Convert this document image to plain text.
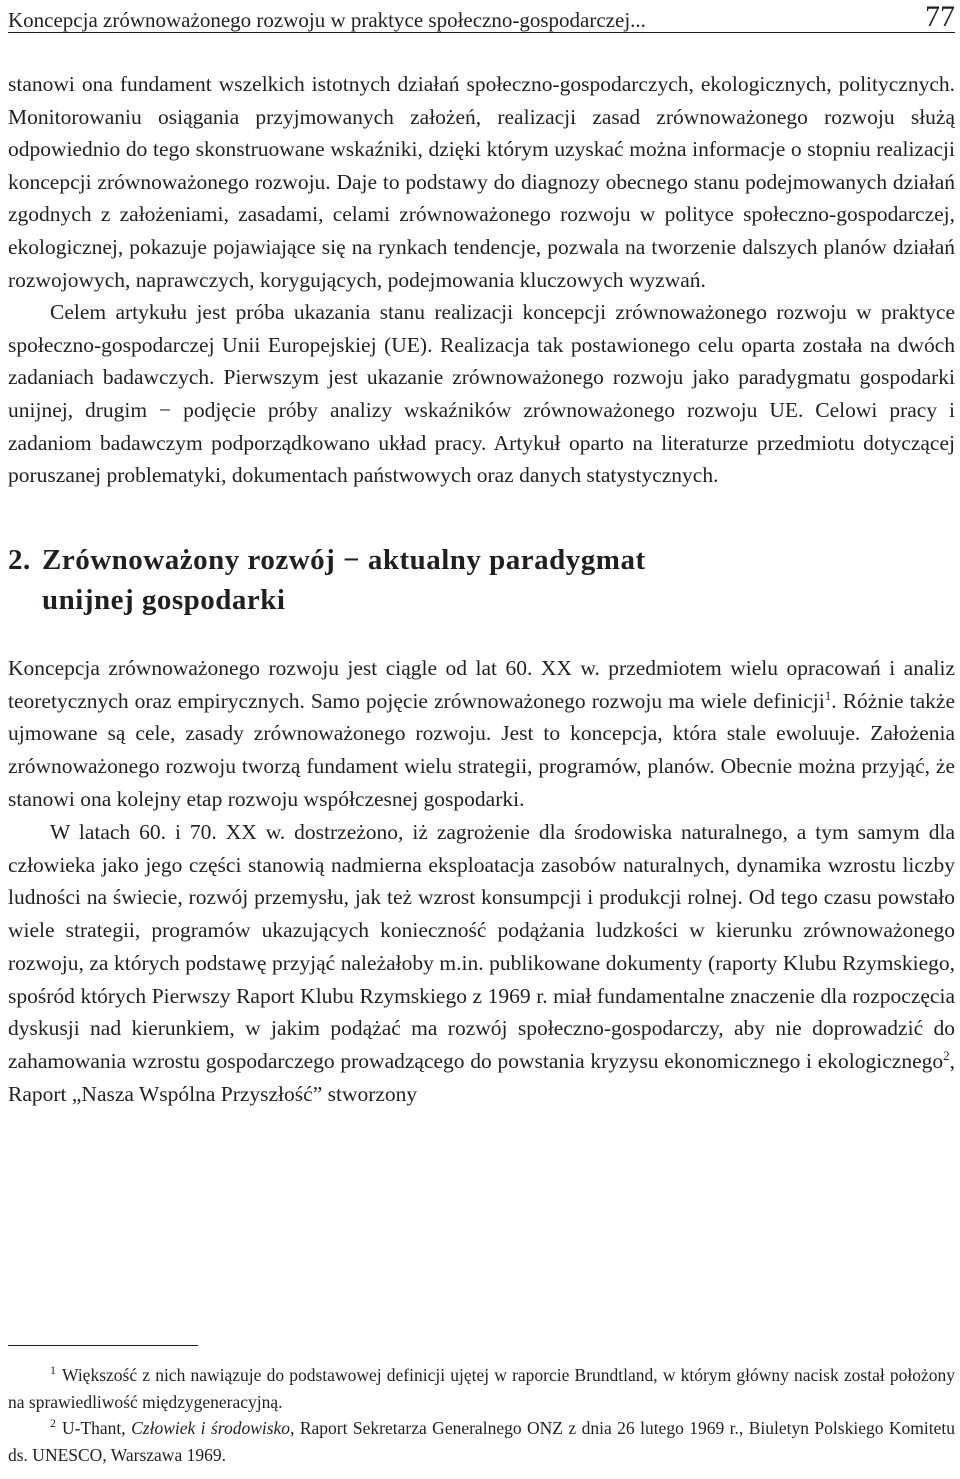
Koncepcja zrównoważonego rozwoju w praktyce społeczno-gospodarczej...	77

stanowi ona fundament wszelkich istotnych działań społeczno-gospodarczych, ekologicznych, politycznych. Monitorowaniu osiągania przyjmowanych założeń, realizacji zasad zrównoważonego rozwoju służą odpowiednio do tego skonstruowane wskaźniki, dzięki którym uzyskać można informacje o stopniu realizacji koncepcji zrównoważonego rozwoju. Daje to podstawy do diagnozy obecnego stanu podejmowanych działań zgodnych z założeniami, zasadami, celami zrównoważonego rozwoju w polityce społeczno-gospodarczej, ekologicznej, pokazuje pojawiające się na rynkach tendencje, pozwala na tworzenie dalszych planów działań rozwojowych, naprawczych, korygujących, podejmowania kluczowych wyzwań.

Celem artykułu jest próba ukazania stanu realizacji koncepcji zrównoważonego rozwoju w praktyce społeczno-gospodarczej Unii Europejskiej (UE). Realizacja tak postawionego celu oparta została na dwóch zadaniach badawczych. Pierwszym jest ukazanie zrównoważonego rozwoju jako paradygmatu gospodarki unijnej, drugim − podjęcie próby analizy wskaźników zrównoważonego rozwoju UE. Celowi pracy i zadaniom badawczym podporządkowano układ pracy. Artykuł oparto na literaturze przedmiotu dotyczącej poruszanej problematyki, dokumentach państwowych oraz danych statystycznych.

2. Zrównoważony rozwój − aktualny paradygmat
unijnej gospodarki

Koncepcja zrównoważonego rozwoju jest ciągle od lat 60. XX w. przedmiotem wielu opracowań i analiz teoretycznych oraz empirycznych. Samo pojęcie zrównoważonego rozwoju ma wiele definicji$^1$. Różnie także ujmowane są cele, zasady zrównoważonego rozwoju. Jest to koncepcja, która stale ewoluuje. Założenia zrównoważonego rozwoju tworzą fundament wielu strategii, programów, planów. Obecnie można przyjąć, że stanowi ona kolejny etap rozwoju współczesnej gospodarki.

W latach 60. i 70. XX w. dostrzeżono, iż zagrożenie dla środowiska naturalnego, a tym samym dla człowieka jako jego części stanowią nadmierna eksploatacja zasobów naturalnych, dynamika wzrostu liczby ludności na świecie, rozwój przemysłu, jak też wzrost konsumpcji i produkcji rolnej. Od tego czasu powstało wiele strategii, programów ukazujących konieczność podążania ludzkości w kierunku zrównoważonego rozwoju, za których podstawę przyjąć należałoby m.in. publikowane dokumenty (raporty Klubu Rzymskiego, spośród których Pierwszy Raport Klubu Rzymskiego z 1969 r. miał fundamentalne znaczenie dla rozpoczęcia dyskusji nad kierunkiem, w jakim podążać ma rozwój społeczno-gospodarczy, aby nie doprowadzić do zahamowania wzrostu gospodarczego prowadzącego do powstania kryzysu ekonomicznego i ekologicznego$^2$, Raport „Nasza Wspólna Przyszłość” stworzony

$^1$ Większość z nich nawiązuje do podstawowej definicji ujętej w raporcie Brundtland, w którym główny nacisk został położony na sprawiedliwość międzygeneracyjną.

$^2$ U-Thant, Człowiek i środowisko, Raport Sekretarza Generalnego ONZ z dnia 26 lutego 1969 r., Biuletyn Polskiego Komitetu ds. UNESCO, Warszawa 1969.
